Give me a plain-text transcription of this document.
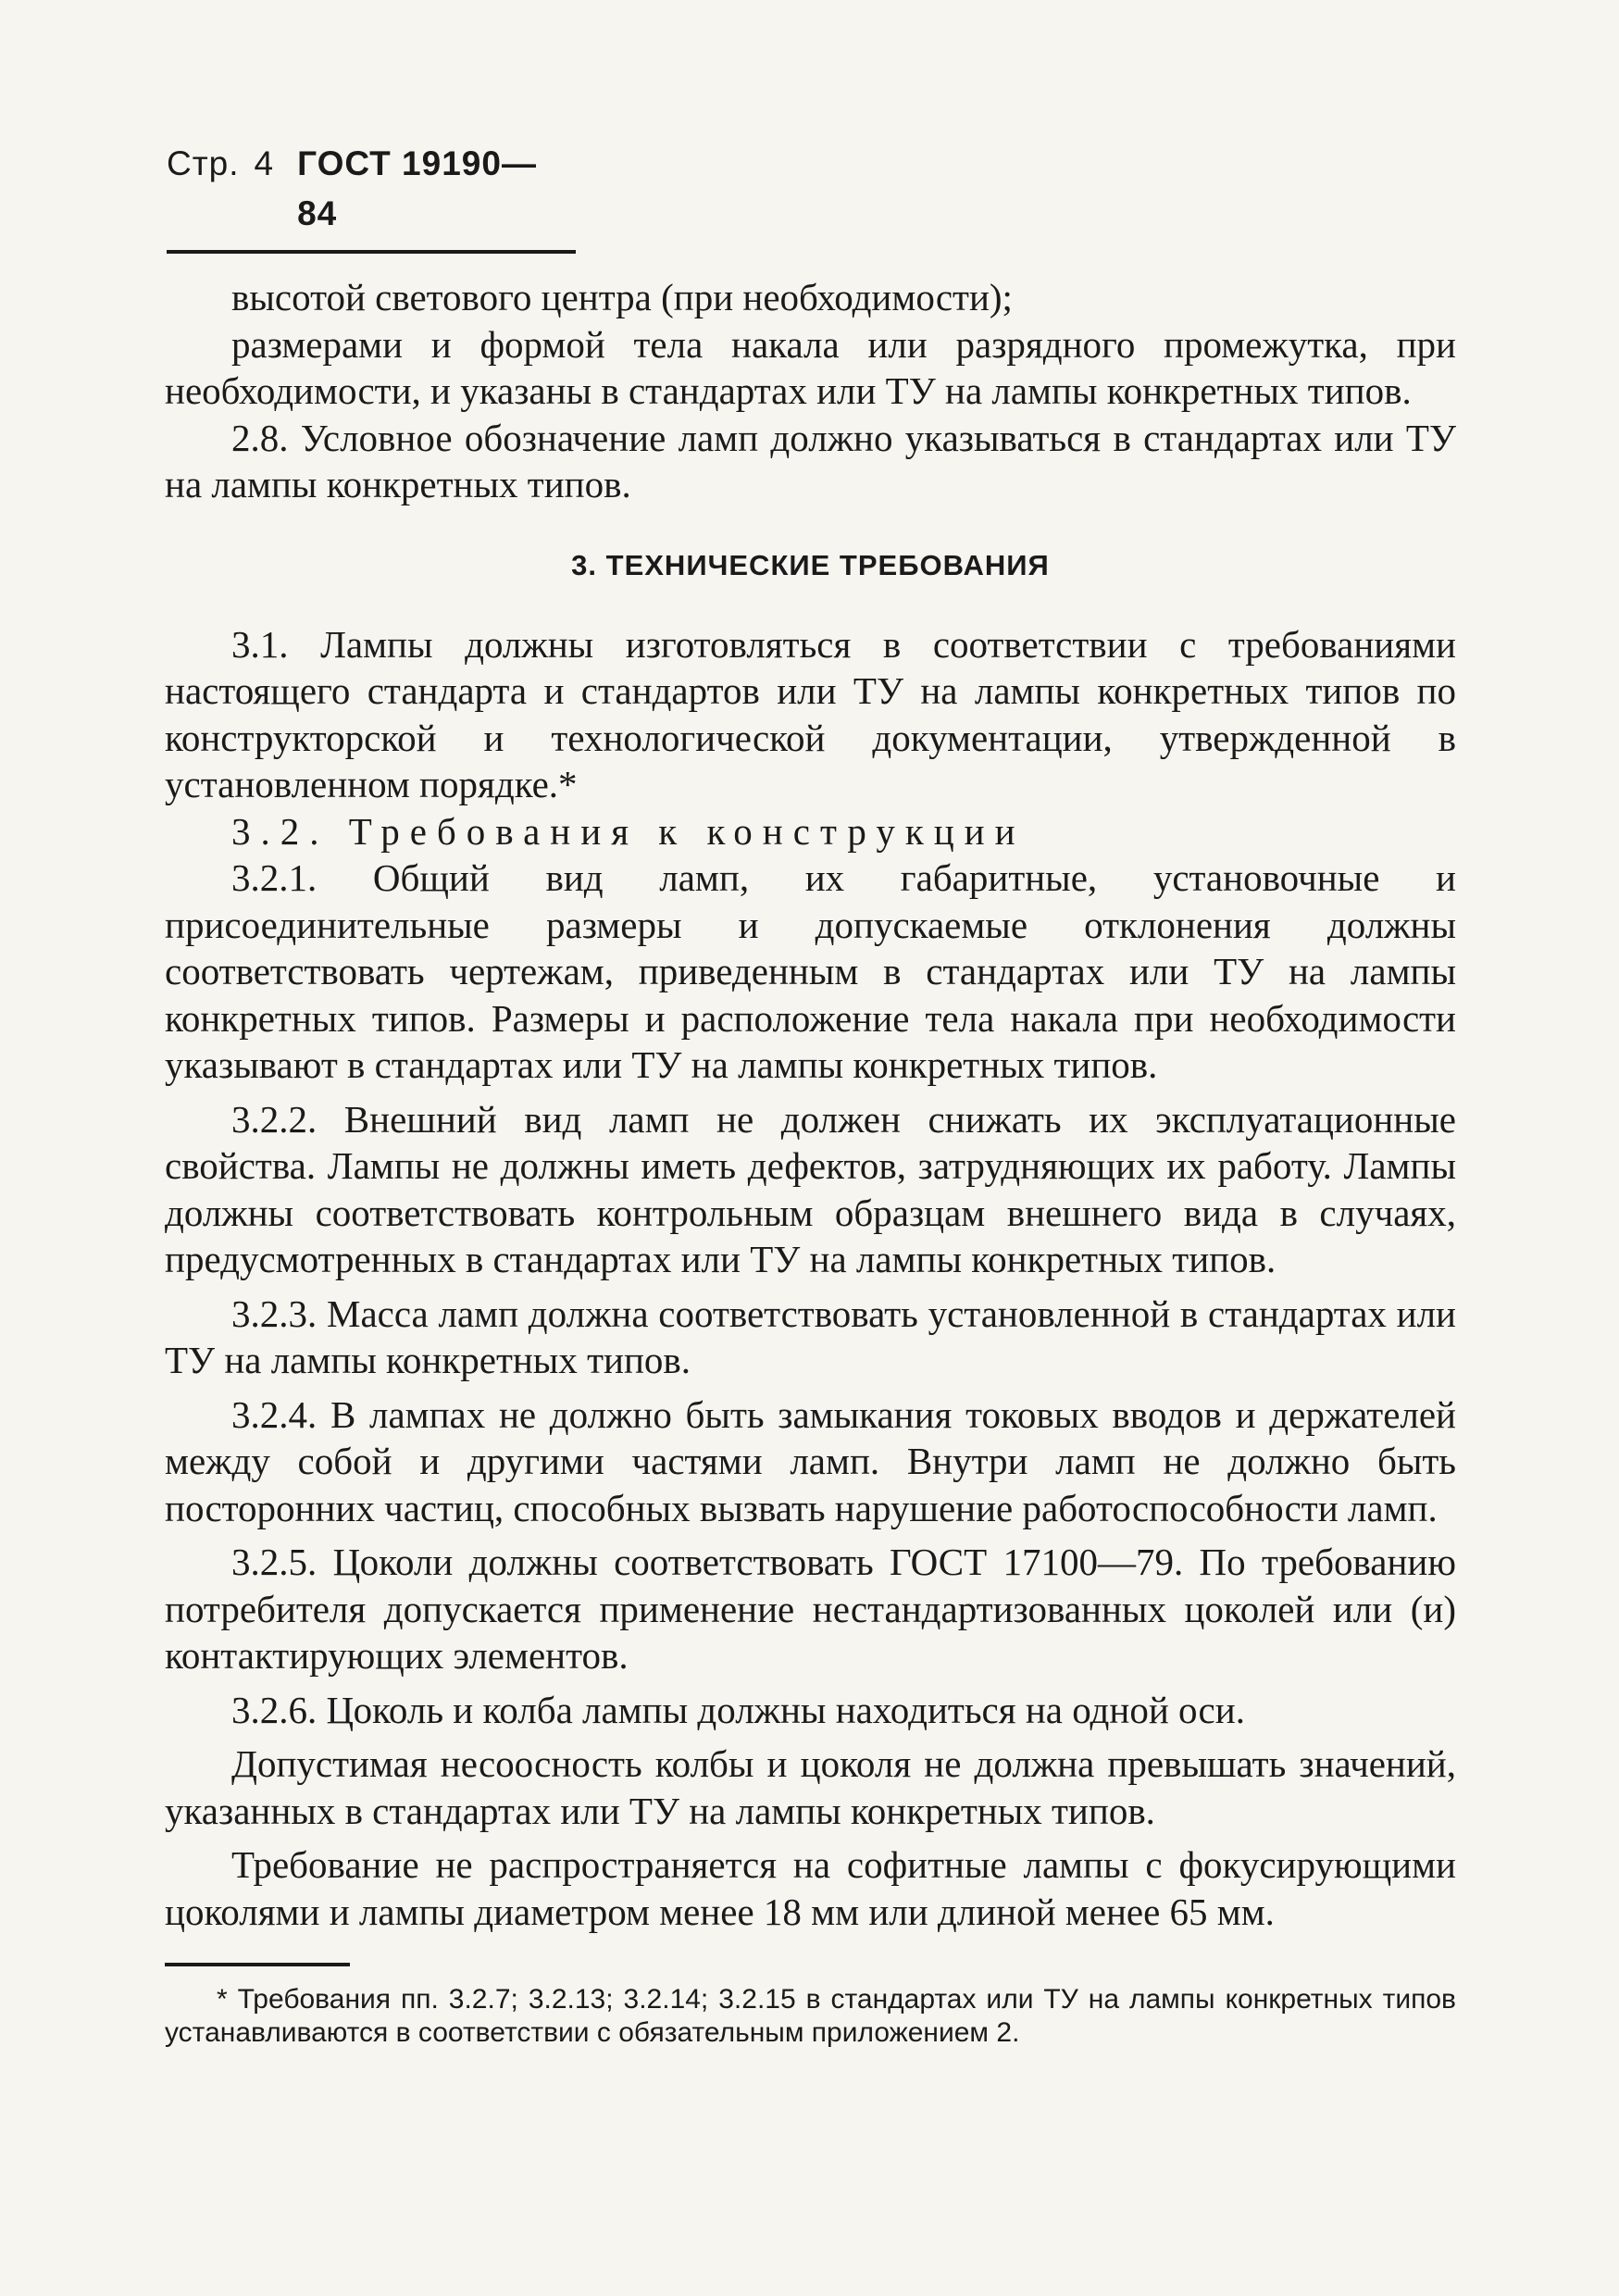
Стр. 4 ГОСТ 19190—84

высотой светового центра (при необходимости);

размерами и формой тела накала или разрядного промежутка, при необходимости, и указаны в стандартах или ТУ на лампы конкретных типов.

2.8. Условное обозначение ламп должно указываться в стандартах или ТУ на лампы конкретных типов.

3. ТЕХНИЧЕСКИЕ ТРЕБОВАНИЯ

3.1. Лампы должны изготовляться в соответствии с требованиями настоящего стандарта и стандартов или ТУ на лампы конкретных типов по конструкторской и технологической документации, утвержденной в установленном порядке.*

3.2. Требования к конструкции

3.2.1. Общий вид ламп, их габаритные, установочные и присоединительные размеры и допускаемые отклонения должны соответствовать чертежам, приведенным в стандартах или ТУ на лампы конкретных типов. Размеры и расположение тела накала при необходимости указывают в стандартах или ТУ на лампы конкретных типов.

3.2.2. Внешний вид ламп не должен снижать их эксплуатационные свойства. Лампы не должны иметь дефектов, затрудняющих их работу. Лампы должны соответствовать контрольным образцам внешнего вида в случаях, предусмотренных в стандартах или ТУ на лампы конкретных типов.

3.2.3. Масса ламп должна соответствовать установленной в стандартах или ТУ на лампы конкретных типов.

3.2.4. В лампах не должно быть замыкания токовых вводов и держателей между собой и другими частями ламп. Внутри ламп не должно быть посторонних частиц, способных вызвать нарушение работоспособности ламп.

3.2.5. Цоколи должны соответствовать ГОСТ 17100—79. По требованию потребителя допускается применение нестандартизованных цоколей или (и) контактирующих элементов.

3.2.6. Цоколь и колба лампы должны находиться на одной оси.

Допустимая несоосность колбы и цоколя не должна превышать значений, указанных в стандартах или ТУ на лампы конкретных типов.

Требование не распространяется на софитные лампы с фокусирующими цоколями и лампы диаметром менее 18 мм или длиной менее 65 мм.

* Требования пп. 3.2.7; 3.2.13; 3.2.14; 3.2.15 в стандартах или ТУ на лампы конкретных типов устанавливаются в соответствии с обязательным приложением 2.
